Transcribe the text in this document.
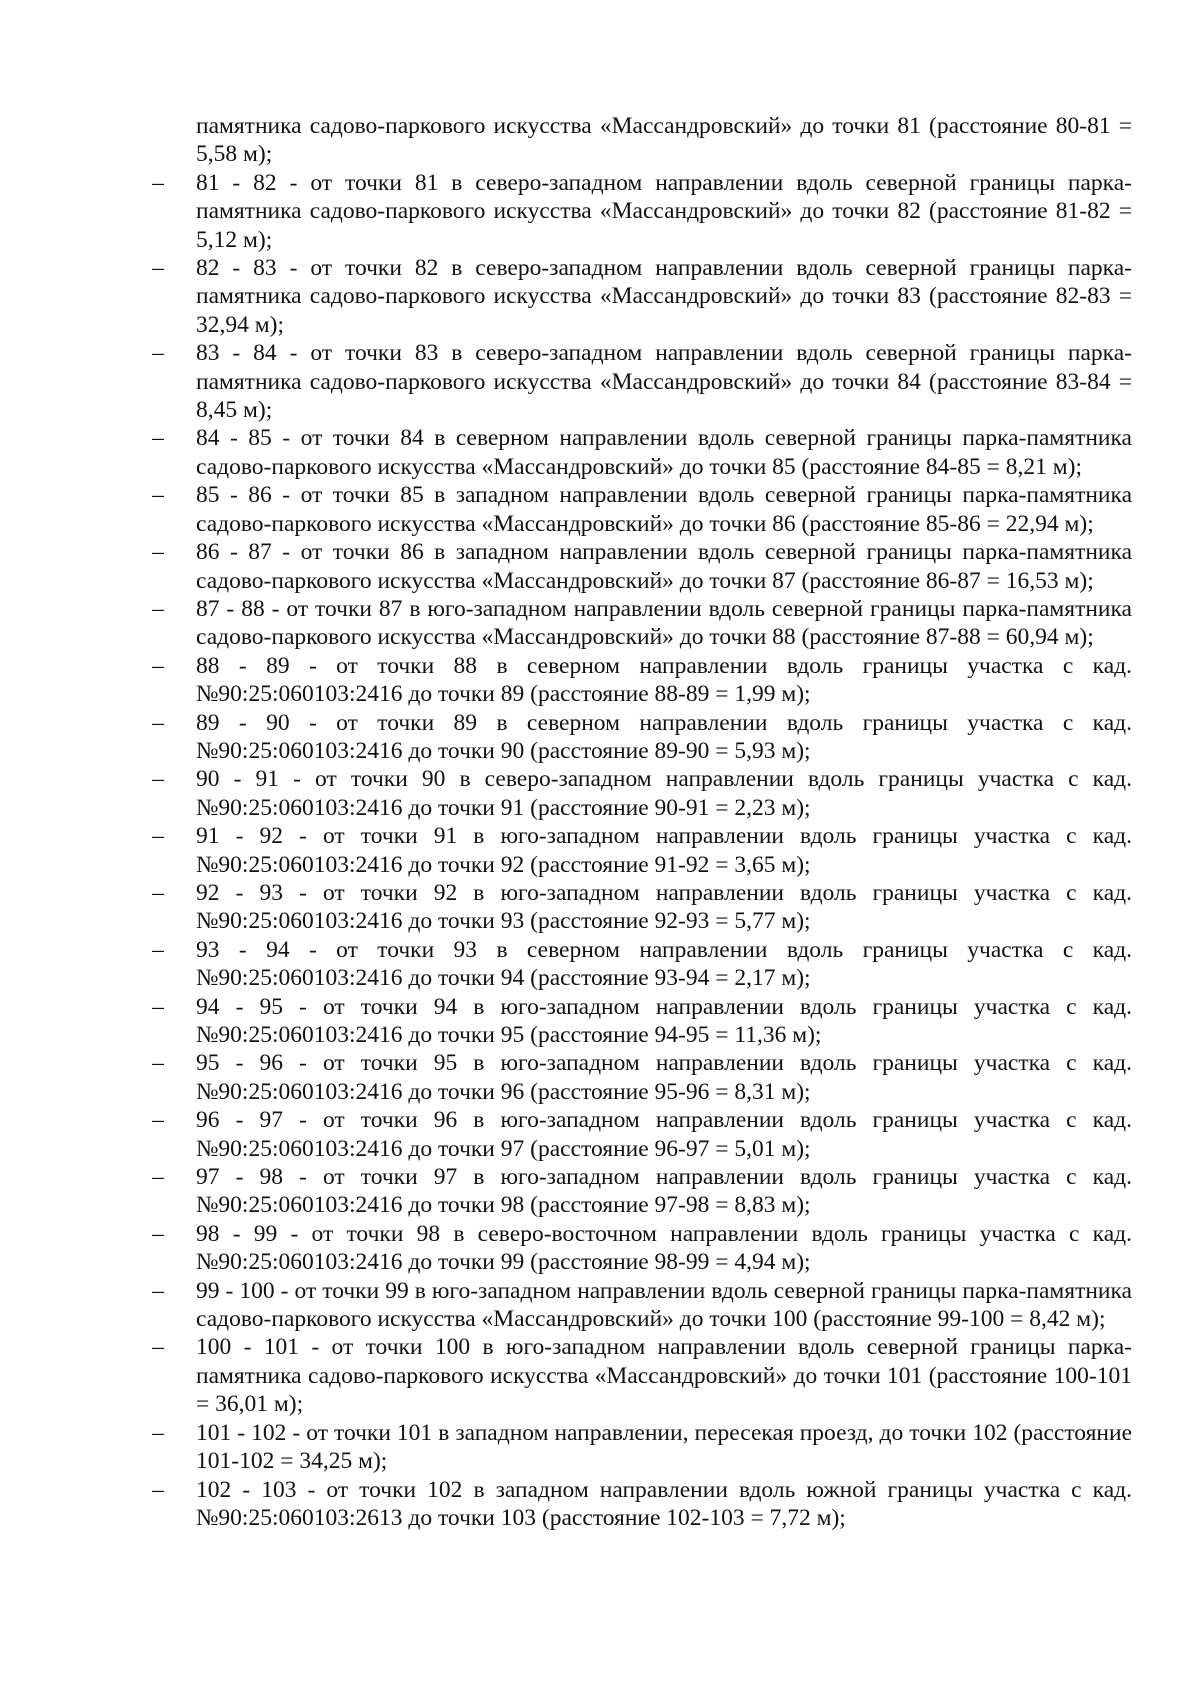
памятника садово-паркового искусства «Массандровский» до точки 81 (расстояние 80-81 = 5,58 м);

– 81 - 82 - от точки 81 в северо-западном направлении вдоль северной границы парка-памятника садово-паркового искусства «Массандровский» до точки 82 (расстояние 81-82 = 5,12 м);
– 82 - 83 - от точки 82 в северо-западном направлении вдоль северной границы парка-памятника садово-паркового искусства «Массандровский» до точки 83 (расстояние 82-83 = 32,94 м);
– 83 - 84 - от точки 83 в северо-западном направлении вдоль северной границы парка-памятника садово-паркового искусства «Массандровский» до точки 84 (расстояние 83-84 = 8,45 м);
– 84 - 85 - от точки 84 в северном направлении вдоль северной границы парка-памятника садово-паркового искусства «Массандровский» до точки 85 (расстояние 84-85 = 8,21 м);
– 85 - 86 - от точки 85 в западном направлении вдоль северной границы парка-памятника садово-паркового искусства «Массандровский» до точки 86 (расстояние 85-86 = 22,94 м);
– 86 - 87 - от точки 86 в западном направлении вдоль северной границы парка-памятника садово-паркового искусства «Массандровский» до точки 87 (расстояние 86-87 = 16,53 м);
– 87 - 88 - от точки 87 в юго-западном направлении вдоль северной границы парка-памятника садово-паркового искусства «Массандровский» до точки 88 (расстояние 87-88 = 60,94 м);
– 88 - 89 - от точки 88 в северном направлении вдоль границы участка с кад. №90:25:060103:2416 до точки 89 (расстояние 88-89 = 1,99 м);
– 89 - 90 - от точки 89 в северном направлении вдоль границы участка с кад. №90:25:060103:2416 до точки 90 (расстояние 89-90 = 5,93 м);
– 90 - 91 - от точки 90 в северо-западном направлении вдоль границы участка с кад. №90:25:060103:2416 до точки 91 (расстояние 90-91 = 2,23 м);
– 91 - 92 - от точки 91 в юго-западном направлении вдоль границы участка с кад. №90:25:060103:2416 до точки 92 (расстояние 91-92 = 3,65 м);
– 92 - 93 - от точки 92 в юго-западном направлении вдоль границы участка с кад. №90:25:060103:2416 до точки 93 (расстояние 92-93 = 5,77 м);
– 93 - 94 - от точки 93 в северном направлении вдоль границы участка с кад. №90:25:060103:2416 до точки 94 (расстояние 93-94 = 2,17 м);
– 94 - 95 - от точки 94 в юго-западном направлении вдоль границы участка с кад. №90:25:060103:2416 до точки 95 (расстояние 94-95 = 11,36 м);
– 95 - 96 - от точки 95 в юго-западном направлении вдоль границы участка с кад. №90:25:060103:2416 до точки 96 (расстояние 95-96 = 8,31 м);
– 96 - 97 - от точки 96 в юго-западном направлении вдоль границы участка с кад. №90:25:060103:2416 до точки 97 (расстояние 96-97 = 5,01 м);
– 97 - 98 - от точки 97 в юго-западном направлении вдоль границы участка с кад. №90:25:060103:2416 до точки 98 (расстояние 97-98 = 8,83 м);
– 98 - 99 - от точки 98 в северо-восточном направлении вдоль границы участка с кад. №90:25:060103:2416 до точки 99 (расстояние 98-99 = 4,94 м);
– 99 - 100 - от точки 99 в юго-западном направлении вдоль северной границы парка-памятника садово-паркового искусства «Массандровский» до точки 100 (расстояние 99-100 = 8,42 м);
– 100 - 101 - от точки 100 в юго-западном направлении вдоль северной границы парка-памятника садово-паркового искусства «Массандровский» до точки 101 (расстояние 100-101 = 36,01 м);
– 101 - 102 - от точки 101 в западном направлении, пересекая проезд, до точки 102 (расстояние 101-102 = 34,25 м);
– 102 - 103 - от точки 102 в западном направлении вдоль южной границы участка с кад. №90:25:060103:2613 до точки 103 (расстояние 102-103 = 7,72 м);
